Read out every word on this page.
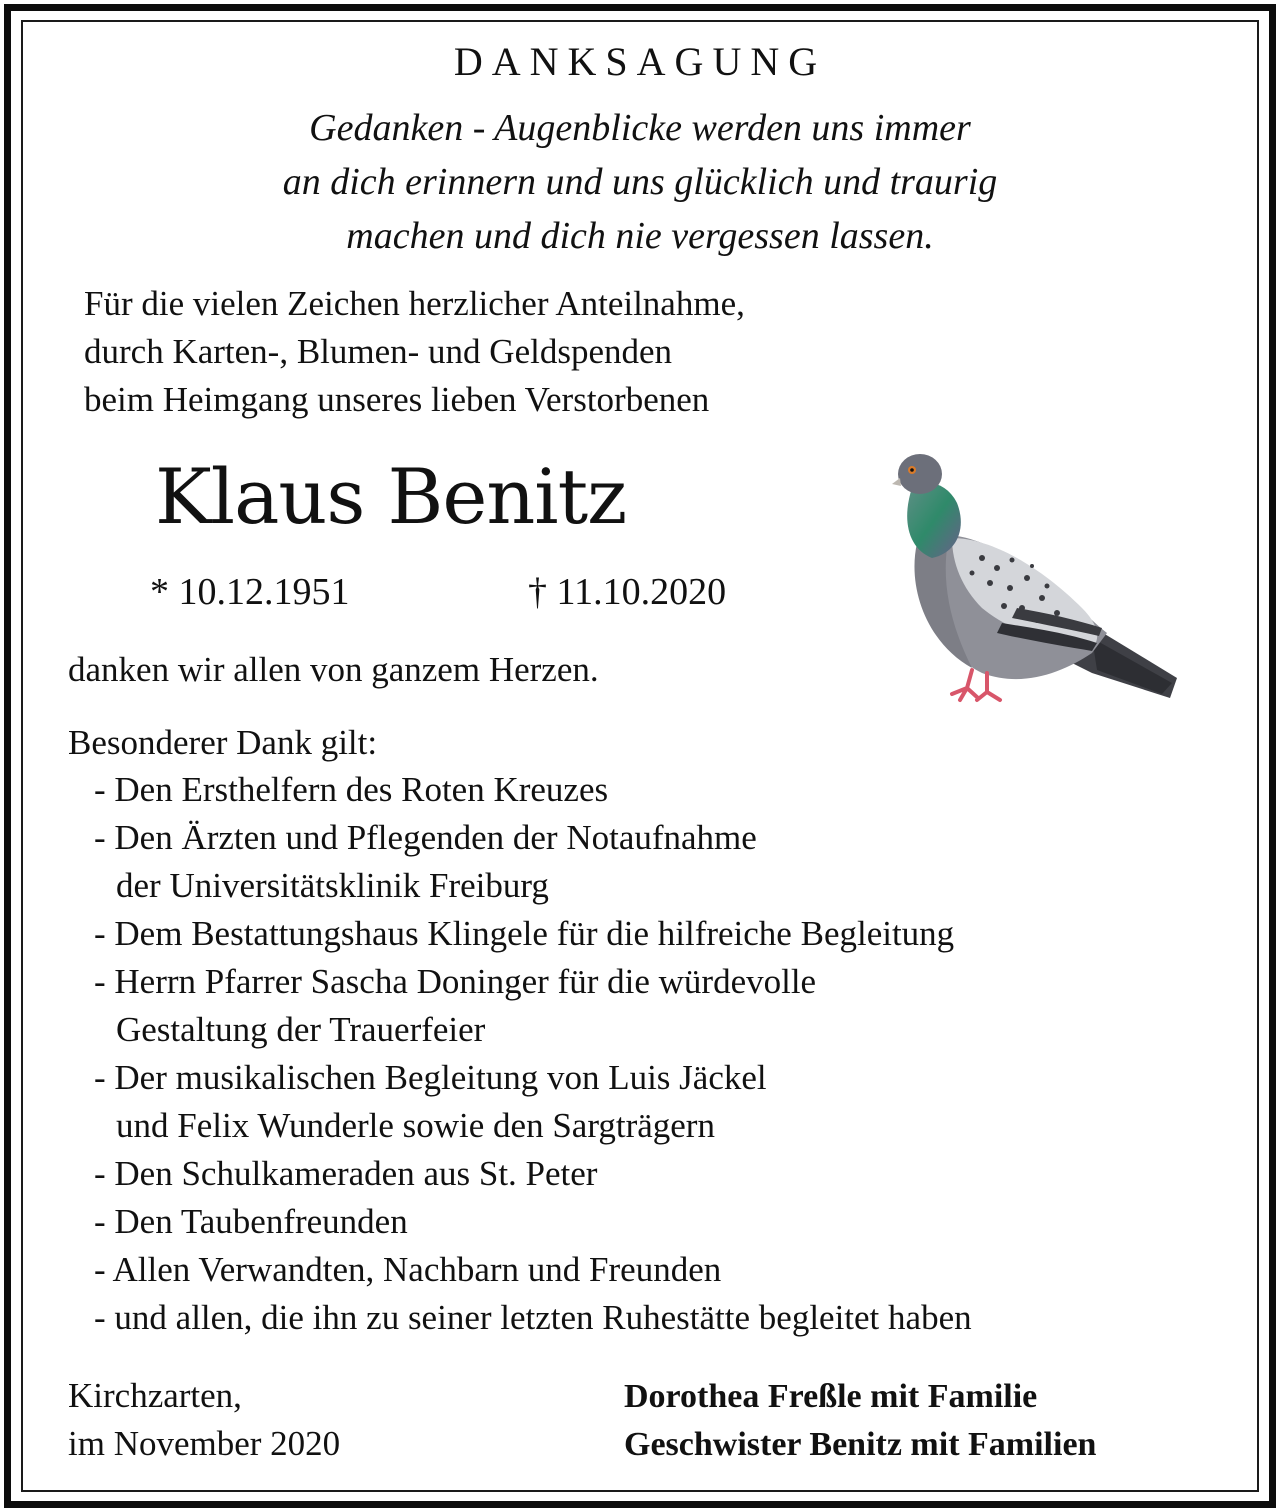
DANKSAGUNG
Gedanken - Augenblicke werden uns immer
an dich erinnern und uns glücklich und traurig
machen und dich nie vergessen lassen.
Für die vielen Zeichen herzlicher Anteilnahme,
durch Karten-, Blumen- und Geldspenden
beim Heimgang unseres lieben Verstorbenen
Klaus Benitz
* 10.12.1951	† 11.10.2020
danken wir allen von ganzem Herzen.
Besonderer Dank gilt:
- Den Ersthelfern des Roten Kreuzes
- Den Ärzten und Pflegenden der Notaufnahme
der Universitätsklinik Freiburg
- Dem Bestattungshaus Klingele für die hilfreiche Begleitung
- Herrn Pfarrer Sascha Doninger für die würdevolle
Gestaltung der Trauerfeier
- Der musikalischen Begleitung von Luis Jäckel
und Felix Wunderle sowie den Sargträgern
- Den Schulkameraden aus St. Peter
- Den Taubenfreunden
- Allen Verwandten, Nachbarn und Freunden
- und allen, die ihn zu seiner letzten Ruhestätte begleitet haben
Kirchzarten,
im November 2020
Dorothea Freßle mit Familie
Geschwister Benitz mit Familien
